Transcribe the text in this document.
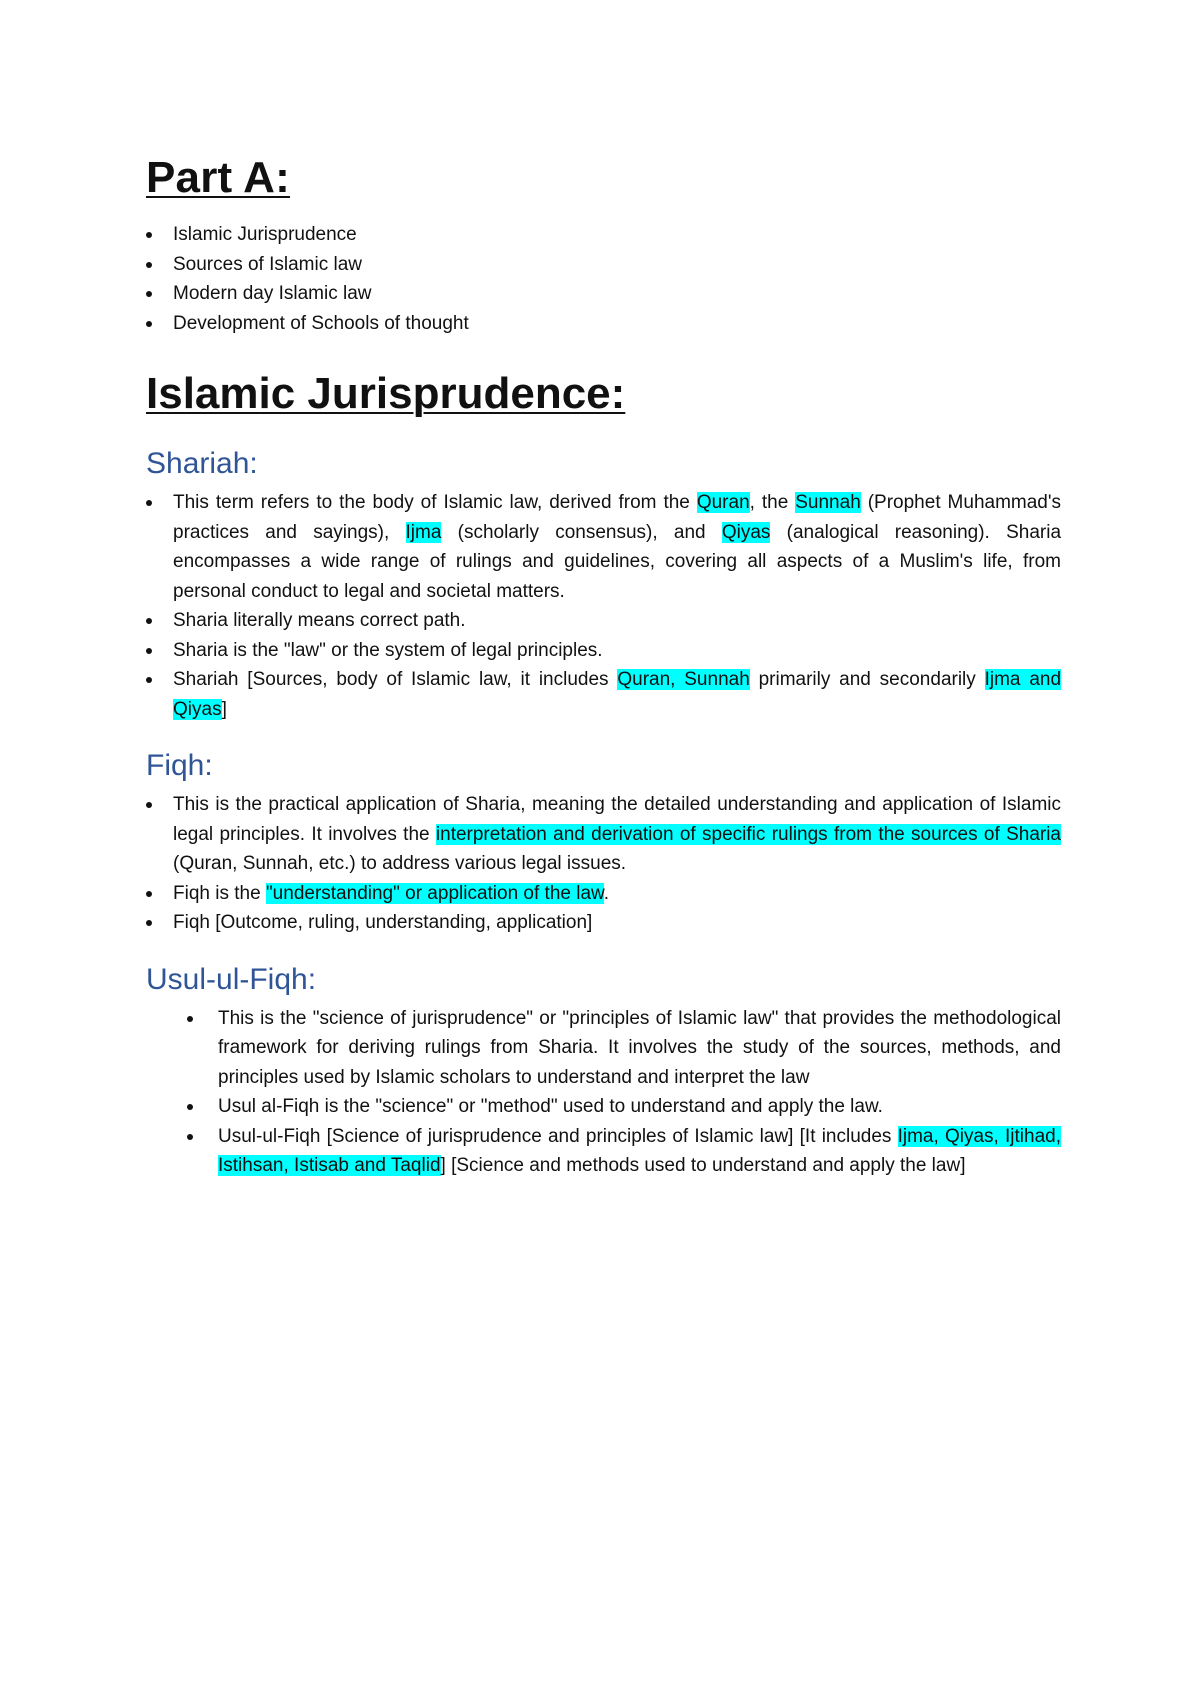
Part A:
Islamic Jurisprudence
Sources of Islamic law
Modern day Islamic law
Development of Schools of thought
Islamic Jurisprudence:
Shariah:
This term refers to the body of Islamic law, derived from the Quran, the Sunnah (Prophet Muhammad's practices and sayings), Ijma (scholarly consensus), and Qiyas (analogical reasoning). Sharia encompasses a wide range of rulings and guidelines, covering all aspects of a Muslim's life, from personal conduct to legal and societal matters.
Sharia literally means correct path.
Sharia is the "law" or the system of legal principles.
Shariah [Sources, body of Islamic law, it includes Quran, Sunnah primarily and secondarily Ijma and Qiyas]
Fiqh:
This is the practical application of Sharia, meaning the detailed understanding and application of Islamic legal principles. It involves the interpretation and derivation of specific rulings from the sources of Sharia (Quran, Sunnah, etc.) to address various legal issues.
Fiqh is the "understanding" or application of the law.
Fiqh [Outcome, ruling, understanding, application]
Usul-ul-Fiqh:
This is the "science of jurisprudence" or "principles of Islamic law" that provides the methodological framework for deriving rulings from Sharia. It involves the study of the sources, methods, and principles used by Islamic scholars to understand and interpret the law
Usul al-Fiqh is the "science" or "method" used to understand and apply the law.
Usul-ul-Fiqh [Science of jurisprudence and principles of Islamic law] [It includes Ijma, Qiyas, Ijtihad, Istihsan, Istisab and Taqlid] [Science and methods used to understand and apply the law]
